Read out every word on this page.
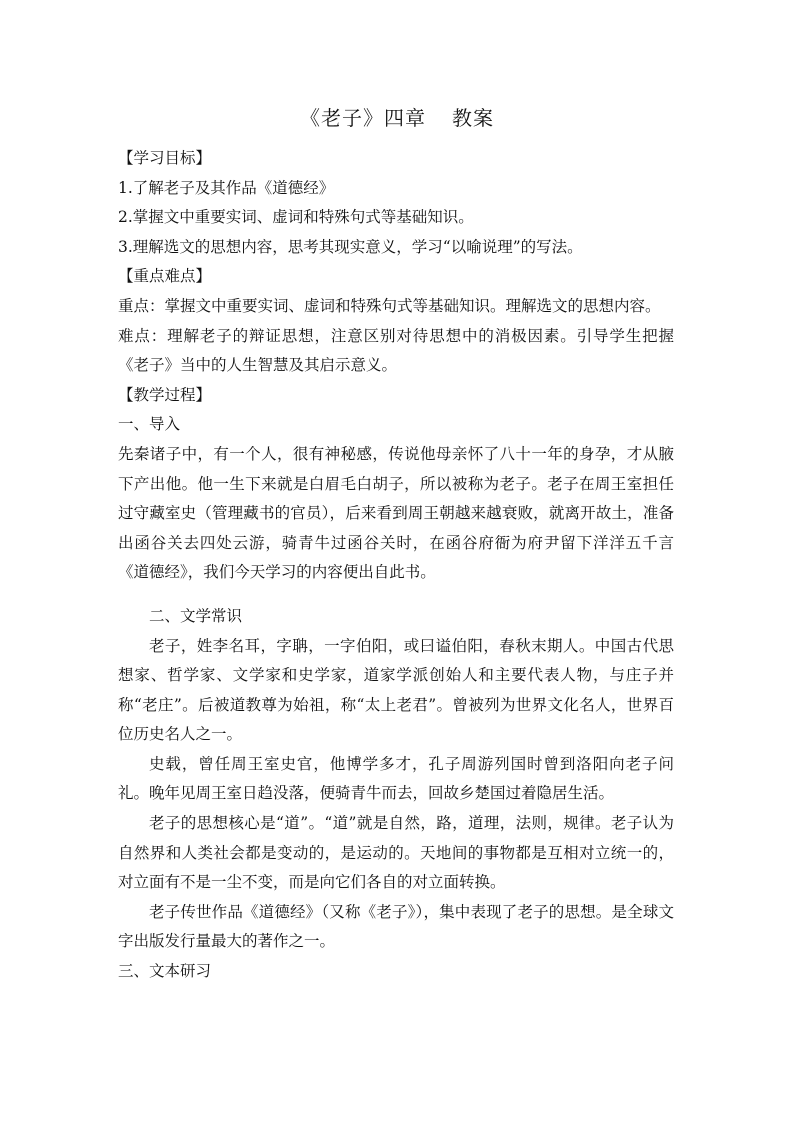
《老子》四章 教案
【学习目标】
1.了解老子及其作品《道德经》
2.掌握文中重要实词、虚词和特殊句式等基础知识。
3.理解选文的思想内容，思考其现实意义，学习“以喻说理”的写法。
【重点难点】

重点：掌握文中重要实词、虚词和特殊句式等基础知识。理解选文的思想内容。

难点：理解老子的辩证思想，注意区别对待思想中的消极因素。引导学生把握《老子》当中的人生智慧及其启示意义。

【教学过程】
一、导入

先秦诸子中，有一个人，很有神秘感，传说他母亲怀了八十一年的身孕，才从腋下产出他。他一生下来就是白眉毛白胡子，所以被称为老子。老子在周王室担任过守藏室史（管理藏书的官员），后来看到周王朝越来越衰败，就离开故土，准备出函谷关去四处云游，骑青牛过函谷关时，在函谷府衙为府尹留下洋洋五千言《道德经》，我们今天学习的内容便出自此书。

二、文学常识

老子，姓李名耳，字聃，一字伯阳，或曰谥伯阳，春秋末期人。中国古代思想家、哲学家、文学家和史学家，道家学派创始人和主要代表人物，与庄子并称“老庄”。后被道教尊为始祖，称“太上老君”。曾被列为世界文化名人，世界百位历史名人之一。

史载，曾任周王室史官，他博学多才，孔子周游列国时曾到洛阳向老子问礼。晚年见周王室日趋没落，便骑青牛而去，回故乡楚国过着隐居生活。

老子的思想核心是“道”。“道”就是自然，路，道理，法则，规律。老子认为自然界和人类社会都是变动的，是运动的。天地间的事物都是互相对立统一的，对立面有不是一尘不变，而是向它们各自的对立面转换。

老子传世作品《道德经》（又称《老子》），集中表现了老子的思想。是全球文字出版发行量最大的著作之一。

三、文本研习
